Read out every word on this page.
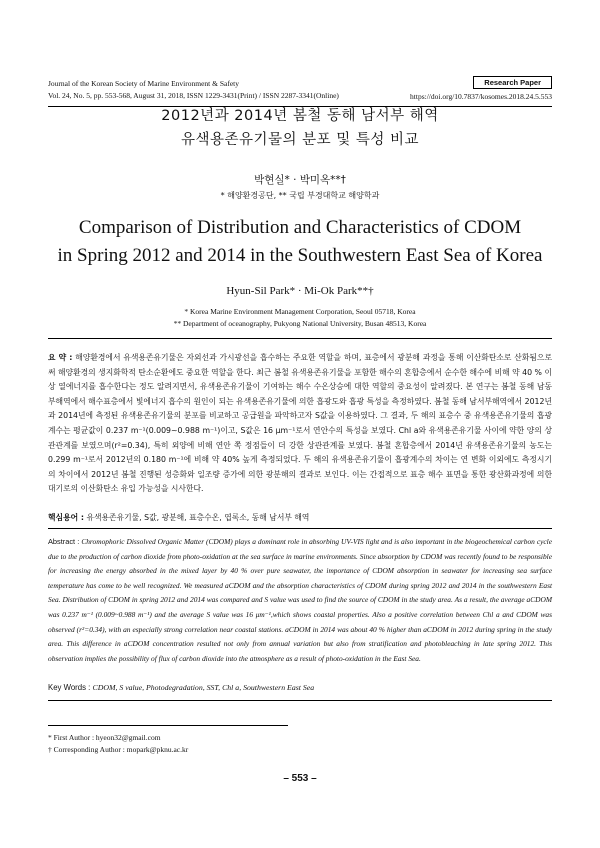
Journal of the Korean Society of Marine Environment & Safety
Vol. 24, No. 5, pp. 553-568, August 31, 2018, ISSN 1229-3431(Print) / ISSN 2287-3341(Online)
Research Paper
https://doi.org/10.7837/kosomes.2018.24.5.553
2012년과 2014년 봄철 동해 남서부 해역
유색용존유기물의 분포 및 특성 비교
박현실* · 박미옥**†
* 해양환경공단, ** 국립 부경대학교 해양학과
Comparison of Distribution and Characteristics of CDOM
in Spring 2012 and 2014 in the Southwestern East Sea of Korea
Hyun-Sil Park* · Mi-Ok Park**†
* Korea Marine Environment Management Corporation, Seoul 05718, Korea
** Department of oceanography, Pukyong National University, Busan 48513, Korea
요 약 : 해양환경에서 유색용존유기물은 자외선과 가시광선을 흡수하는 주요한 역할을 하며, 표층에서 광분해 과정을 통해 이산화탄소로 산화됨으로써 해양환경의 생지화학적 탄소순환에도 중요한 역할을 한다. 최근 봄철 유색용존유기물을 포함한 해수의 혼합층에서 순수한 해수에 비해 약 40 % 이상 열에너지를 흡수한다는 정도 알려지면서, 유색용존유기물이 기여하는 해수 수온상승에 대한 역할의 중요성이 알려졌다. 본 연구는 봄철 동해 남동부해역에서 해수표층에서 빛에너지 흡수의 원인이 되는 유색용존유기물에 의한 흡광도와 흡광 특성을 측정하였다. 봄철 동해 남서부해역에서 2012년과 2014년에 측정된 유색용존유기물의 분포를 비교하고 공급원을 파악하고자 S값을 이용하였다. 그 결과, 두 해의 표층수 중 유색용존유기물의 흡광계수는 평균값이 0.237 m⁻¹(0.009~0.988 m⁻¹)이고, S값은 16 μm⁻¹로서 연안수의 특성을 보였다. Chl a와 유색용존유기물 사이에 약한 양의 상관관계를 보였으며(r²=0.34), 특히 외양에 비해 연안 쪽 정점들이 더 강한 상관관계를 보였다. 봄철 혼합층에서 2014년 유색용존유기물의 농도는 0.299 m⁻¹로서 2012년의 0.180 m⁻¹에 비해 약 40% 높게 측정되었다. 두 해의 유색용존유기물이 흡광계수의 차이는 연 변화 이외에도 측정시기의 차이에서 2012년 봄철 진행된 성층화와 일조량 증가에 의한 광분해의 결과로 보인다. 이는 간접적으로 표층 해수 표면을 통한 광산화과정에 의한 대기로의 이산화탄소 유입 가능성을 시사한다.
핵심용어 : 유색용존유기물, S값, 광분해, 표층수온, 엽록소, 동해 남서부 해역
Abstract : Chromophoric Dissolved Organic Matter (CDOM) plays a dominant role in absorbing UV-VIS light and is also important in the biogeochemical carbon cycle due to the production of carbon dioxide from photo-oxidation at the sea surface in marine environments. Since absorption by CDOM was recently found to be responsible for increasing the energy absorbed in the mixed layer by 40 % over pure seawater, the importance of CDOM absorption in seawater for increasing sea surface temperature has come to be well recognized. We measured aCDOM and the absorption characteristics of CDOM during spring 2012 and 2014 in the southwestern East Sea. Distribution of CDOM in spring 2012 and 2014 was compared and S value was used to find the source of CDOM in the study area. As a result, the average aCDOM was 0.237 m⁻¹ (0.009~0.988 m⁻¹) and the average S value was 16 μm⁻¹,which shows coastal properties. Also a positive correlation between Chl a and CDOM was observed (r²=0.34), with an especially strong correlation near coastal stations. aCDOM in 2014 was about 40 % higher than aCDOM in 2012 during spring in the study area. This difference in aCDOM concentration resulted not only from annual variation but also from stratification and photobleaching in late spring 2012. This observation implies the possibility of flux of carbon dioxide into the atmosphere as a result of photo-oxidation in the East Sea.
Key Words : CDOM, S value, Photodegradation, SST, Chl a, Southwestern East Sea
* First Author : hyeon32@gmail.com
† Corresponding Author : mopark@pknu.ac.kr
– 553 –
